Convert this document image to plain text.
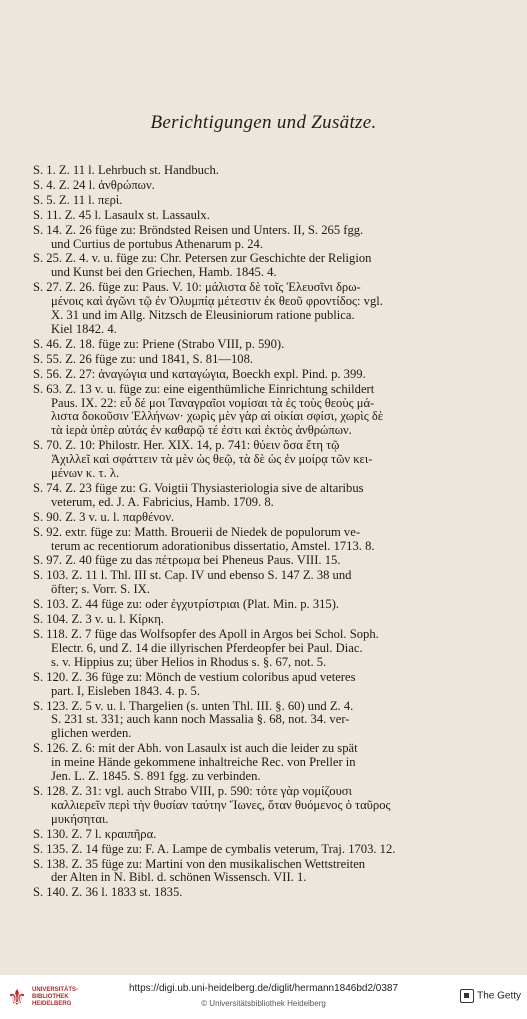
Berichtigungen und Zusätze.
S. 1. Z. 11 l. Lehrbuch st. Handbuch.
S. 4. Z. 24 l. ἀνθρώπων.
S. 5. Z. 11 l. περὶ.
S. 11. Z. 45 l. Lasaulx st. Lassaulx.
S. 14. Z. 26 füge zu: Bröndsted Reisen und Unters. II, S. 265 fgg.
und Curtius de portubus Athenarum p. 24.
S. 25. Z. 4. v. u. füge zu: Chr. Petersen zur Geschichte der Religion
und Kunst bei den Griechen, Hamb. 1845. 4.
S. 27. Z. 26. füge zu: Paus. V. 10: μάλιστα δὲ τοῖς Ἐλευσῖνι δρω-
μένοις καὶ ἀγῶνι τῷ ἐν Ὀλυμπίᾳ μέτεστιν ἐκ θεοῦ φροντίδος: vgl.
X. 31 und im Allg. Nitzsch de Eleusiniorum ratione publica.
Kiel 1842. 4.
S. 46. Z. 18. füge zu: Priene (Strabo VIII, p. 590).
S. 55. Z. 26 füge zu: und 1841, S. 81—108.
S. 56. Z. 27: ἀναγώγια und καταγώγια, Boeckh expl. Pind. p. 399.
S. 63. Z. 13 v. u. füge zu: eine eigenthümliche Einrichtung schildert
Paus. IX. 22: εὖ δέ μοι Ταναγραῖοι νομίσαι τὰ ἐς τοὺς θεοὺς μά-
λιστα δοκοῦσιν Ἑλλήνων· χωρὶς μὲν γὰρ αἱ οἰκίαι σφίσι, χωρὶς δὲ
τὰ ἱερὰ ὑπὲρ αὐτάς ἐν καθαρῷ τέ ἐστι καὶ ἐκτὸς ἀνθρώπων.
S. 70. Z. 10: Philostr. Her. XIX. 14, p. 741: θύειν ὅσα ἔτη τῷ
Ἀχιλλεῖ καὶ σφάττειν τὰ μὲν ὡς θεῷ, τὰ δὲ ὡς ἐν μοίρᾳ τῶν κει-
μένων κ. τ. λ.
S. 74. Z. 23 füge zu: G. Voigtii Thysiasteriologia sive de altaribus
veterum, ed. J. A. Fabricius, Hamb. 1709. 8.
S. 90. Z. 3 v. u. l. παρθένον.
S. 92. extr. füge zu: Matth. Brouerii de Niedek de populorum ve-
terum ac recentiorum adorationibus dissertatio, Amstel. 1713. 8.
S. 97. Z. 40 füge zu das πέτρωμα bei Pheneus Paus. VIII. 15.
S. 103. Z. 11 l. Thl. III st. Cap. IV und ebenso S. 147 Z. 38 und
öfter; s. Vorr. S. IX.
S. 103. Z. 44 füge zu: oder ἐγχυτρίστριαι (Plat. Min. p. 315).
S. 104. Z. 3 v. u. l. Κίρκη.
S. 118. Z. 7 füge das Wolfsopfer des Apoll in Argos bei Schol. Soph.
Electr. 6, und Z. 14 die illyrischen Pferdeopfer bei Paul. Diac.
s. v. Hippius zu; über Helios in Rhodus s. §. 67, not. 5.
S. 120. Z. 36 füge zu: Mönch de vestium coloribus apud veteres
part. I, Eisleben 1843. 4. p. 5.
S. 123. Z. 5 v. u. l. Thargelien (s. unten Thl. III. §. 60) und Z. 4.
S. 231 st. 331; auch kann noch Massalia §. 68, not. 34. ver-
glichen werden.
S. 126. Z. 6: mit der Abh. von Lasaulx ist auch die leider zu spät
in meine Hände gekommene inhaltreiche Rec. von Preller in
Jen. L. Z. 1845. S. 891 fgg. zu verbinden.
S. 128. Z. 31: vgl. auch Strabo VIII, p. 590: τότε γὰρ νομίζουσι
καλλιερεῖν περὶ τὴν θυσίαν ταύτην Ἴωνες, ὅταν θυόμενος ὁ ταῦρος
μυκήσηται.
S. 130. Z. 7 l. κραιπῆρα.
S. 135. Z. 14 füge zu: F. A. Lampe de cymbalis veterum, Traj. 1703. 12.
S. 138. Z. 35 füge zu: Martini von den musikalischen Wettstreiten
der Alten in N. Bibl. d. schönen Wissensch. VII. 1.
S. 140. Z. 36 l. 1833 st. 1835.
⚜ UNIVERSITÄTS-
BIBLIOTHEK
HEIDELBERG
https://digi.ub.uni-heidelberg.de/diglit/hermann1846bd2/0387
© Universitätsbibliothek Heidelberg
The Getty
